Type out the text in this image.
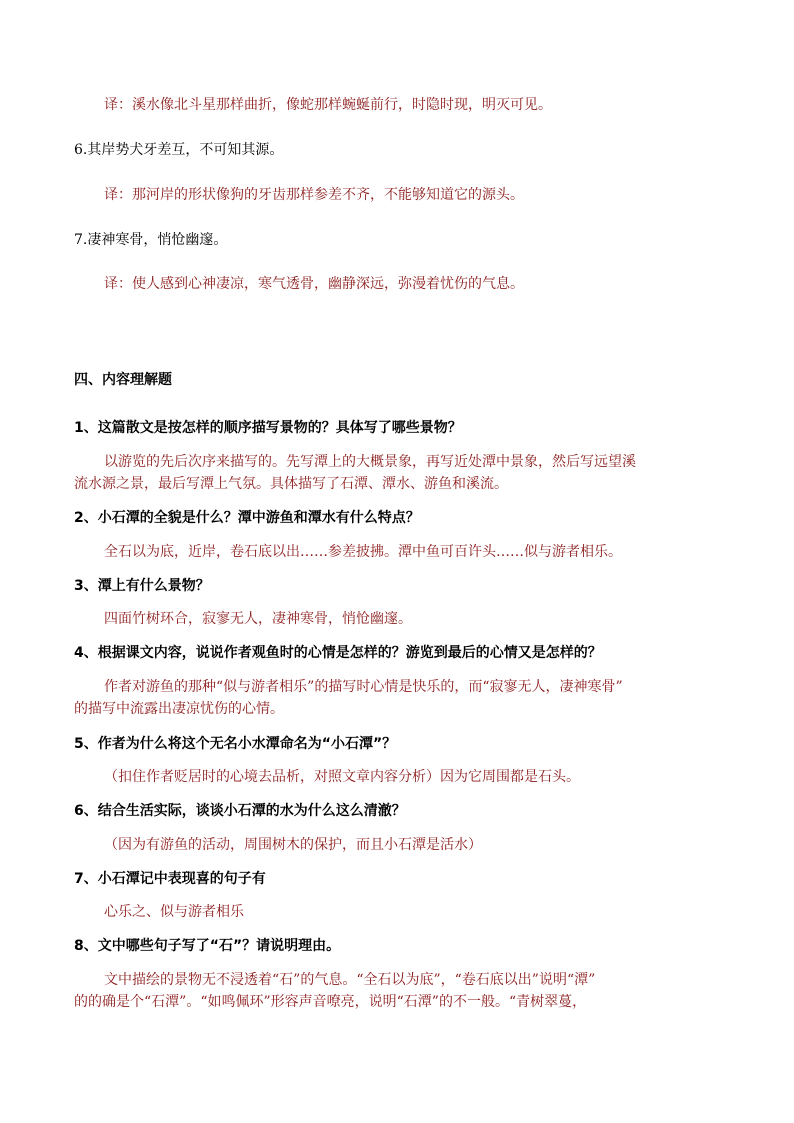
译：溪水像北斗星那样曲折，像蛇那样蜿蜒前行，时隐时现，明灭可见。
6.其岸势犬牙差互，不可知其源。
译：那河岸的形状像狗的牙齿那样参差不齐，不能够知道它的源头。
7.凄神寒骨，悄怆幽邃。
译：使人感到心神凄凉，寒气透骨，幽静深远，弥漫着忧伤的气息。
四、内容理解题
1、这篇散文是按怎样的顺序描写景物的？具体写了哪些景物？
以游览的先后次序来描写的。先写潭上的大概景象，再写近处潭中景象，然后写远望溪
流水源之景，最后写潭上气氛。具体描写了石潭、潭水、游鱼和溪流。
2、小石潭的全貌是什么？潭中游鱼和潭水有什么特点？
全石以为底，近岸，卷石底以出……参差披拂。潭中鱼可百许头……似与游者相乐。
3、潭上有什么景物？
四面竹树环合，寂寥无人，凄神寒骨，悄怆幽邃。
4、根据课文内容，说说作者观鱼时的心情是怎样的？游览到最后的心情又是怎样的？
作者对游鱼的那种“似与游者相乐”的描写时心情是快乐的，而“寂寥无人，凄神寒骨”
的描写中流露出凄凉忧伤的心情。
5、作者为什么将这个无名小水潭命名为“小石潭”？
（扣住作者贬居时的心境去品析，对照文章内容分析）因为它周围都是石头。
6、结合生活实际，谈谈小石潭的水为什么这么清澈？
（因为有游鱼的活动，周围树木的保护，而且小石潭是活水）
7、小石潭记中表现喜的句子有
心乐之、似与游者相乐
8、文中哪些句子写了“石”？请说明理由。
文中描绘的景物无不浸透着“石”的气息。“全石以为底”，“卷石底以出”说明“潭”
的的确是个“石潭”。“如鸣佩环”形容声音嘹亮，说明“石潭”的不一般。“青树翠蔓，
